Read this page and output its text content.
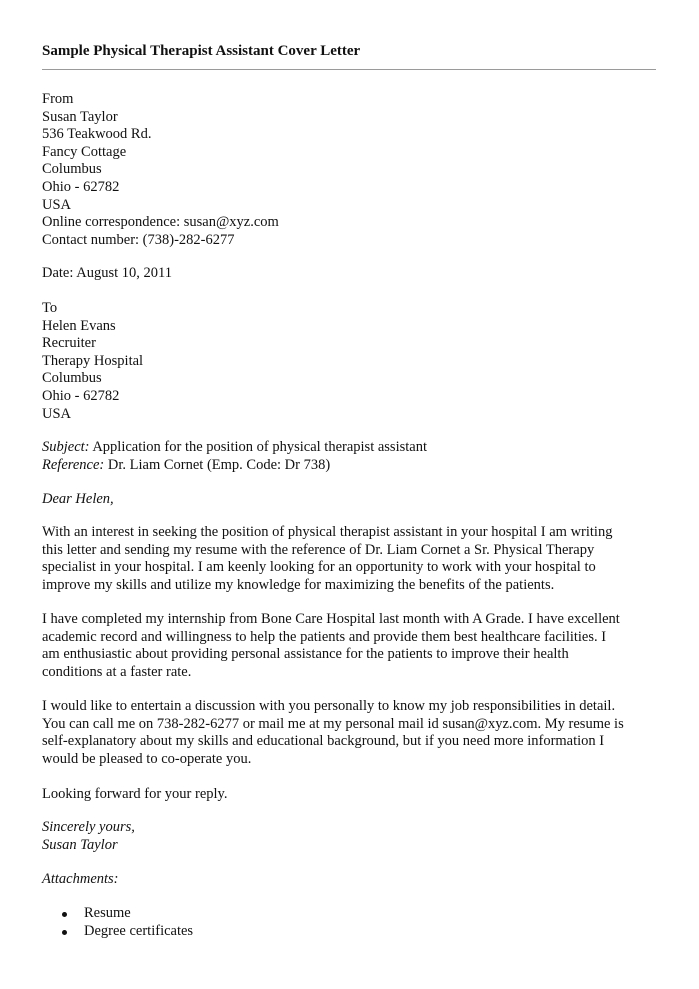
Sample Physical Therapist Assistant Cover Letter
From
Susan Taylor
536 Teakwood Rd.
Fancy Cottage
Columbus
Ohio - 62782
USA
Online correspondence: susan@xyz.com
Contact number: (738)-282-6277
Date: August 10, 2011
To
Helen Evans
Recruiter
Therapy Hospital
Columbus
Ohio - 62782
USA
Subject: Application for the position of physical therapist assistant
Reference: Dr. Liam Cornet (Emp. Code: Dr 738)
Dear Helen,
With an interest in seeking the position of physical therapist assistant in your hospital I am writing
this letter and sending my resume with the reference of Dr. Liam Cornet a Sr. Physical Therapy
specialist in your hospital. I am keenly looking for an opportunity to work with your hospital to
improve my skills and utilize my knowledge for maximizing the benefits of the patients.
I have completed my internship from Bone Care Hospital last month with A Grade. I have excellent
academic record and willingness to help the patients and provide them best healthcare facilities. I
am enthusiastic about providing personal assistance for the patients to improve their health
conditions at a faster rate.
I would like to entertain a discussion with you personally to know my job responsibilities in detail.
You can call me on 738-282-6277 or mail me at my personal mail id susan@xyz.com. My resume is
self-explanatory about my skills and educational background, but if you need more information I
would be pleased to co-operate you.
Looking forward for your reply.
Sincerely yours,
Susan Taylor
Attachments:
Resume
Degree certificates
